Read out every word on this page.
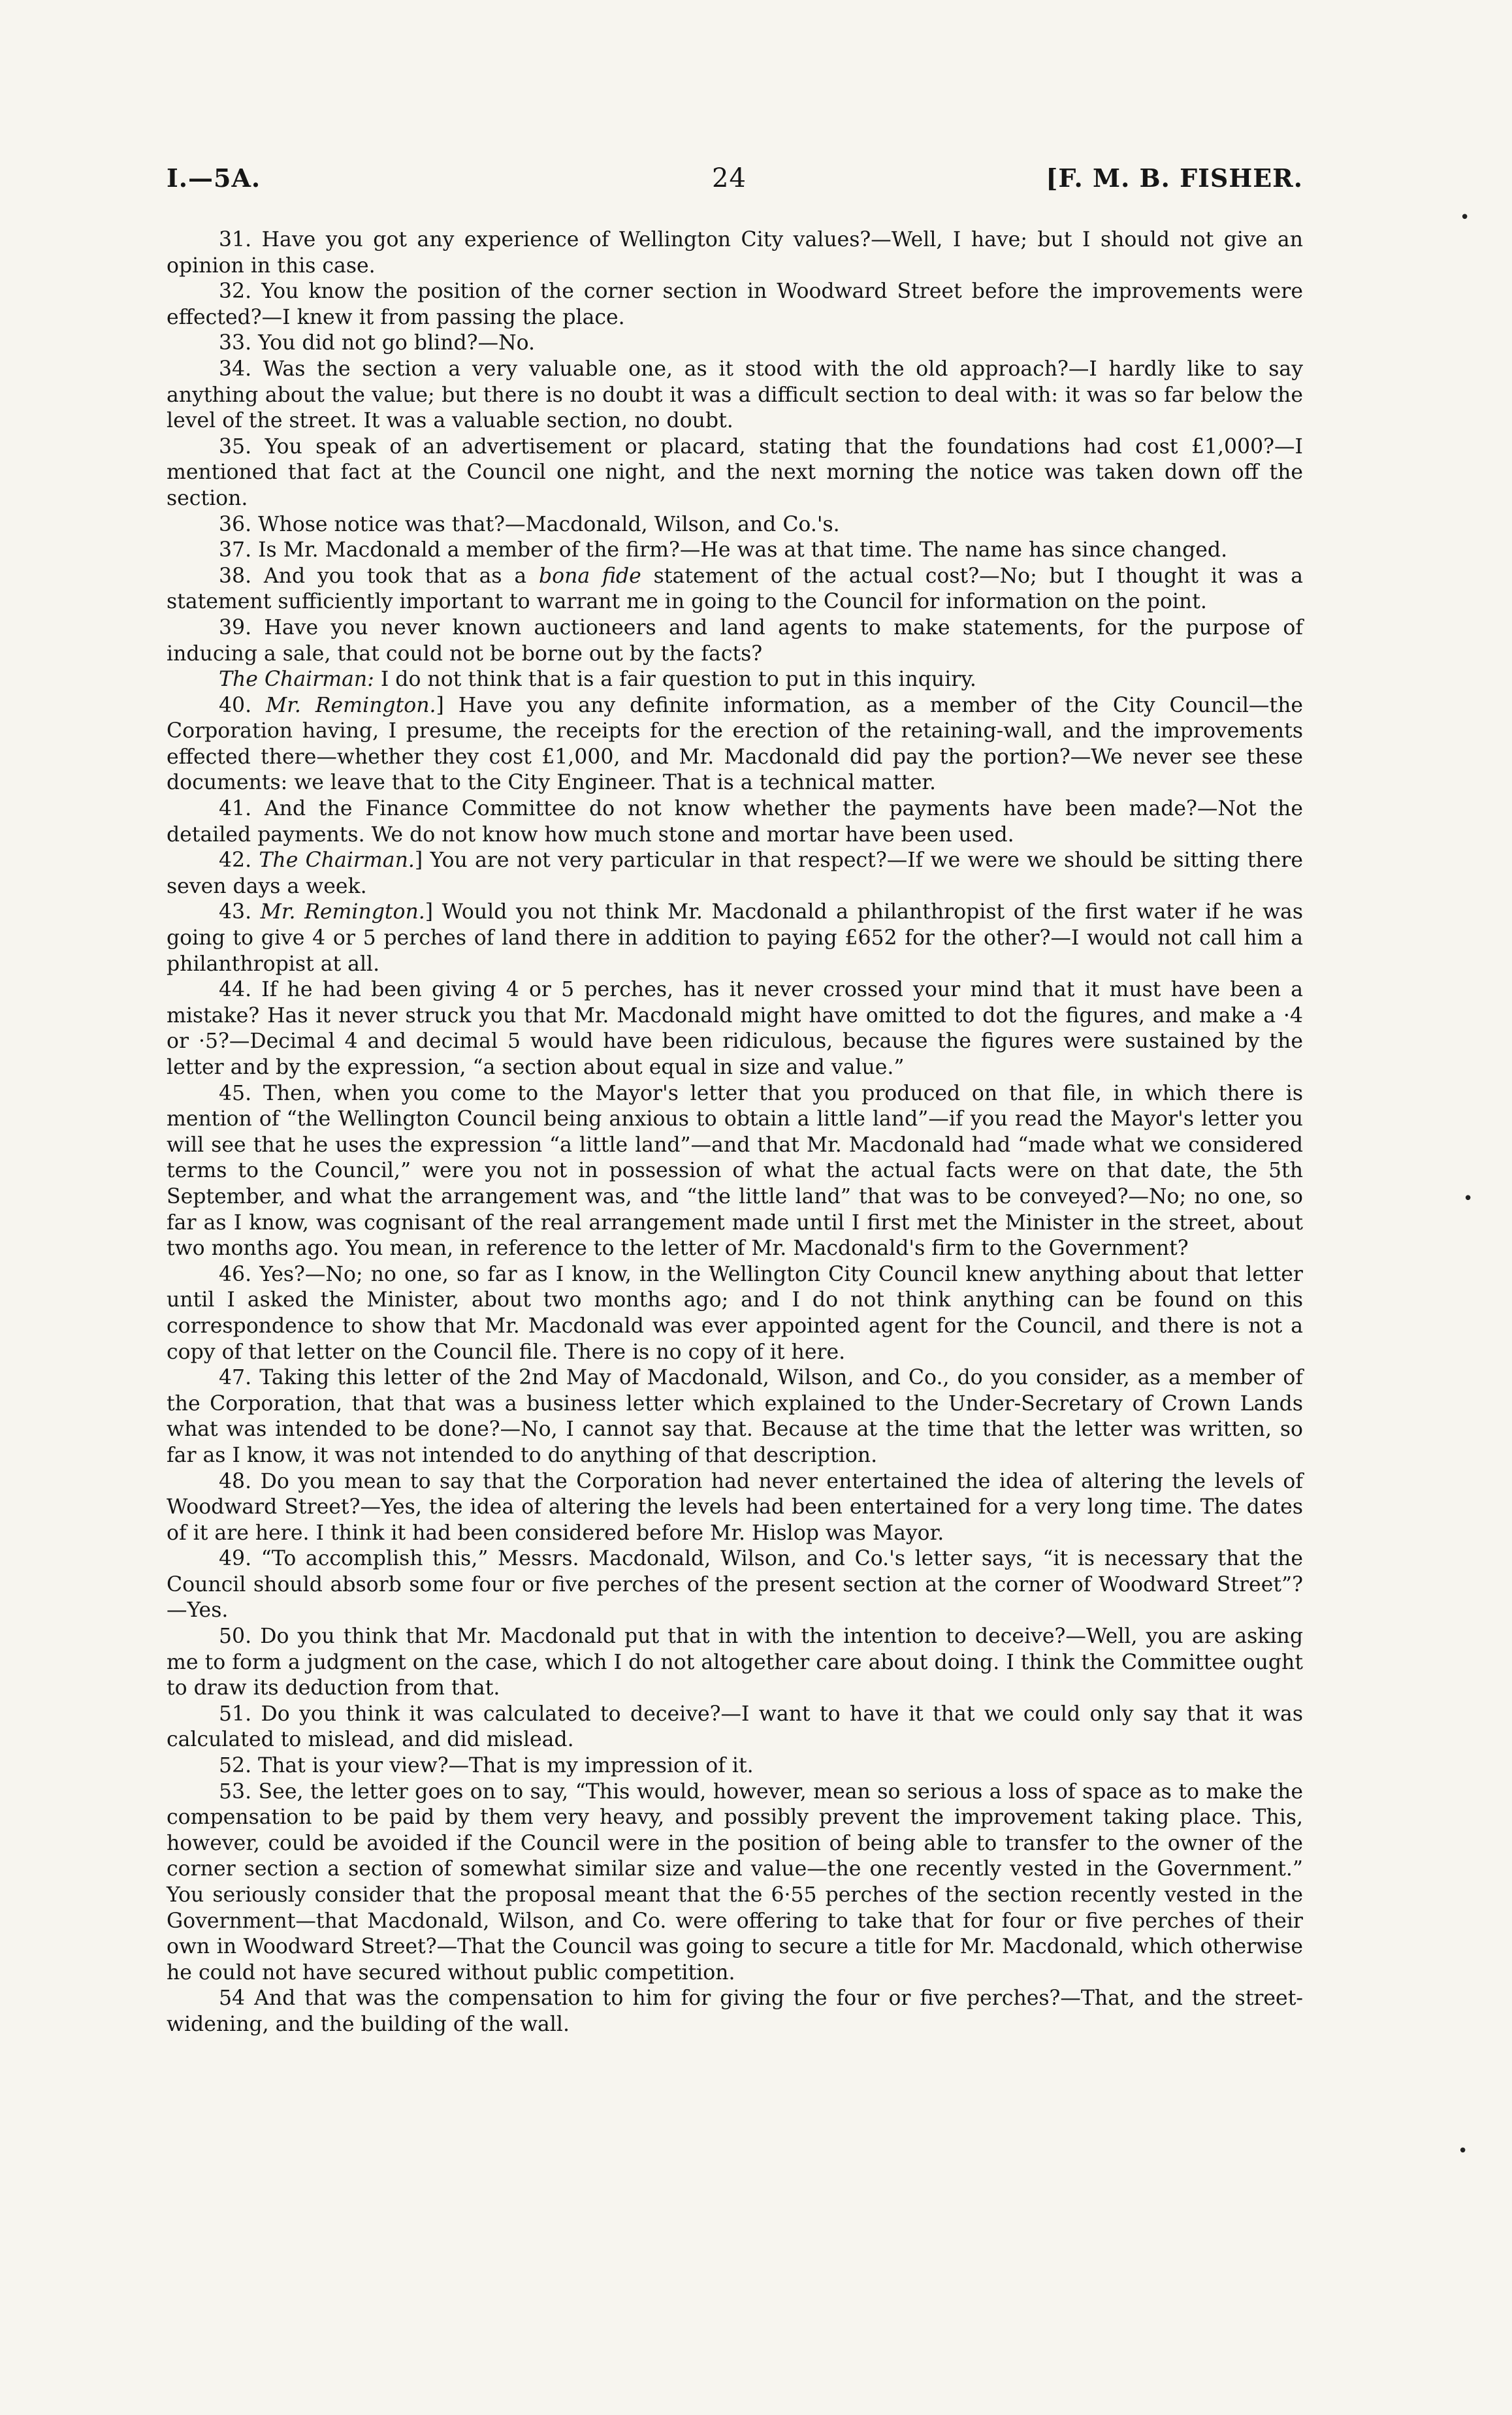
I.—5A.	24	[F. M. B. FISHER.

31. Have you got any experience of Wellington City values?—Well, I have; but I should not give an opinion in this case.

32. You know the position of the corner section in Woodward Street before the improvements were effected?—I knew it from passing the place.

33. You did not go blind?—No.

34. Was the section a very valuable one, as it stood with the old approach?—I hardly like to say anything about the value; but there is no doubt it was a difficult section to deal with: it was so far below the level of the street. It was a valuable section, no doubt.

35. You speak of an advertisement or placard, stating that the foundations had cost £1,000?—I mentioned that fact at the Council one night, and the next morning the notice was taken down off the section.

36. Whose notice was that?—Macdonald, Wilson, and Co.'s.

37. Is Mr. Macdonald a member of the firm?—He was at that time. The name has since changed.

38. And you took that as a bona fide statement of the actual cost?—No; but I thought it was a statement sufficiently important to warrant me in going to the Council for information on the point.

39. Have you never known auctioneers and land agents to make statements, for the purpose of inducing a sale, that could not be borne out by the facts?

The Chairman: I do not think that is a fair question to put in this inquiry.

40. Mr. Remington.] Have you any definite information, as a member of the City Council—the Corporation having, I presume, the receipts for the erection of the retaining-wall, and the improvements effected there—whether they cost £1,000, and Mr. Macdonald did pay the portion?—We never see these documents: we leave that to the City Engineer. That is a technical matter.

41. And the Finance Committee do not know whether the payments have been made?—Not the detailed payments. We do not know how much stone and mortar have been used.

42. The Chairman.] You are not very particular in that respect?—If we were we should be sitting there seven days a week.

43. Mr. Remington.] Would you not think Mr. Macdonald a philanthropist of the first water if he was going to give 4 or 5 perches of land there in addition to paying £652 for the other?—I would not call him a philanthropist at all.

44. If he had been giving 4 or 5 perches, has it never crossed your mind that it must have been a mistake? Has it never struck you that Mr. Macdonald might have omitted to dot the figures, and make a ·4 or ·5?—Decimal 4 and decimal 5 would have been ridiculous, because the figures were sustained by the letter and by the expression, “a section about equal in size and value.”

45. Then, when you come to the Mayor's letter that you produced on that file, in which there is mention of “the Wellington Council being anxious to obtain a little land”—if you read the Mayor's letter you will see that he uses the expression “a little land”—and that Mr. Macdonald had “made what we considered terms to the Council,” were you not in possession of what the actual facts were on that date, the 5th September, and what the arrangement was, and “the little land” that was to be conveyed?—No; no one, so far as I know, was cognisant of the real arrangement made until I first met the Minister in the street, about two months ago. You mean, in reference to the letter of Mr. Macdonald's firm to the Government?

46. Yes?—No; no one, so far as I know, in the Wellington City Council knew anything about that letter until I asked the Minister, about two months ago; and I do not think anything can be found on this correspondence to show that Mr. Macdonald was ever appointed agent for the Council, and there is not a copy of that letter on the Council file. There is no copy of it here.

47. Taking this letter of the 2nd May of Macdonald, Wilson, and Co., do you consider, as a member of the Corporation, that that was a business letter which explained to the Under-Secretary of Crown Lands what was intended to be done?—No, I cannot say that. Because at the time that the letter was written, so far as I know, it was not intended to do anything of that description.

48. Do you mean to say that the Corporation had never entertained the idea of altering the levels of Woodward Street?—Yes, the idea of altering the levels had been entertained for a very long time. The dates of it are here. I think it had been considered before Mr. Hislop was Mayor.

49. “To accomplish this,” Messrs. Macdonald, Wilson, and Co.'s letter says, “it is necessary that the Council should absorb some four or five perches of the present section at the corner of Woodward Street”?—Yes.

50. Do you think that Mr. Macdonald put that in with the intention to deceive?—Well, you are asking me to form a judgment on the case, which I do not altogether care about doing. I think the Committee ought to draw its deduction from that.

51. Do you think it was calculated to deceive?—I want to have it that we could only say that it was calculated to mislead, and did mislead.

52. That is your view?—That is my impression of it.

53. See, the letter goes on to say, “This would, however, mean so serious a loss of space as to make the compensation to be paid by them very heavy, and possibly prevent the improvement taking place. This, however, could be avoided if the Council were in the position of being able to transfer to the owner of the corner section a section of somewhat similar size and value—the one recently vested in the Government.” You seriously consider that the proposal meant that the 6·55 perches of the section recently vested in the Government—that Macdonald, Wilson, and Co. were offering to take that for four or five perches of their own in Woodward Street?—That the Council was going to secure a title for Mr. Macdonald, which otherwise he could not have secured without public competition.

54 And that was the compensation to him for giving the four or five perches?—That, and the street-widening, and the building of the wall.

•
•
•
